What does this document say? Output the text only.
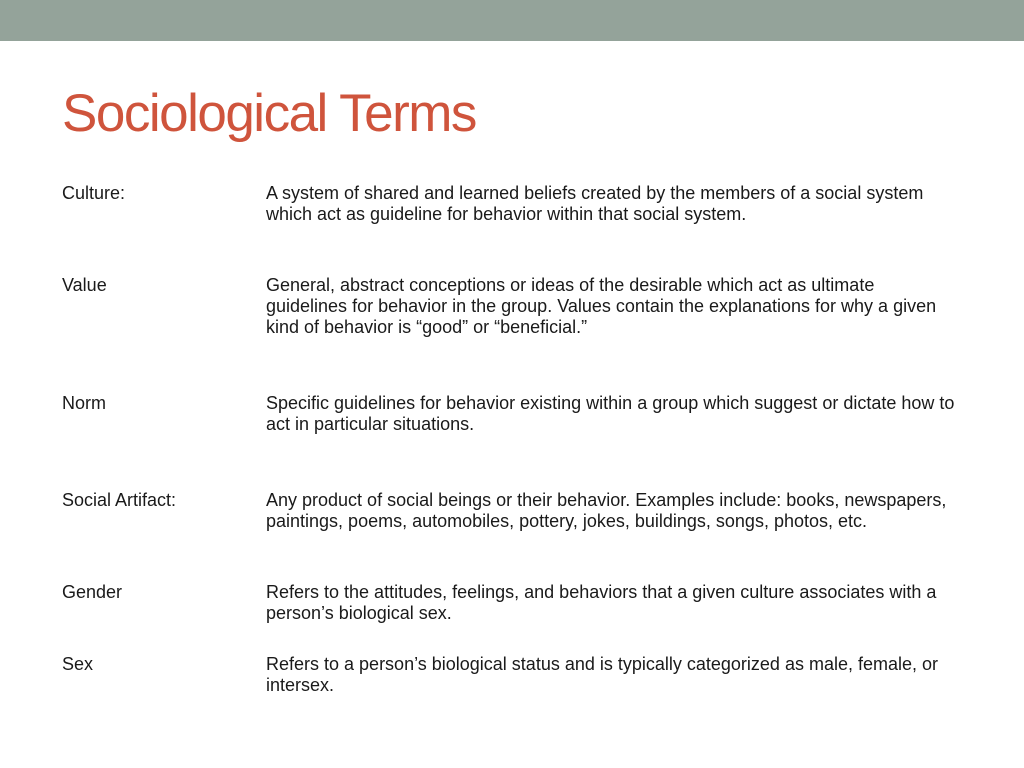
Sociological Terms
Culture:	A system of shared and learned beliefs created by the members of a social system which act as guideline for behavior within that social system.
Value	General, abstract conceptions or ideas of the desirable which act as ultimate guidelines for behavior in the group. Values contain the explanations for why a given kind of behavior is “good” or “beneficial.”
Norm	Specific guidelines for behavior existing within a group which suggest or dictate how to act in particular situations.
Social Artifact:	Any product of social beings or their behavior. Examples include: books, newspapers, paintings, poems, automobiles, pottery, jokes, buildings, songs, photos, etc.
Gender	Refers to the attitudes, feelings, and behaviors that a given culture associates with a person’s biological sex.
Sex	Refers to a person’s biological status and is typically categorized as male, female, or intersex.
